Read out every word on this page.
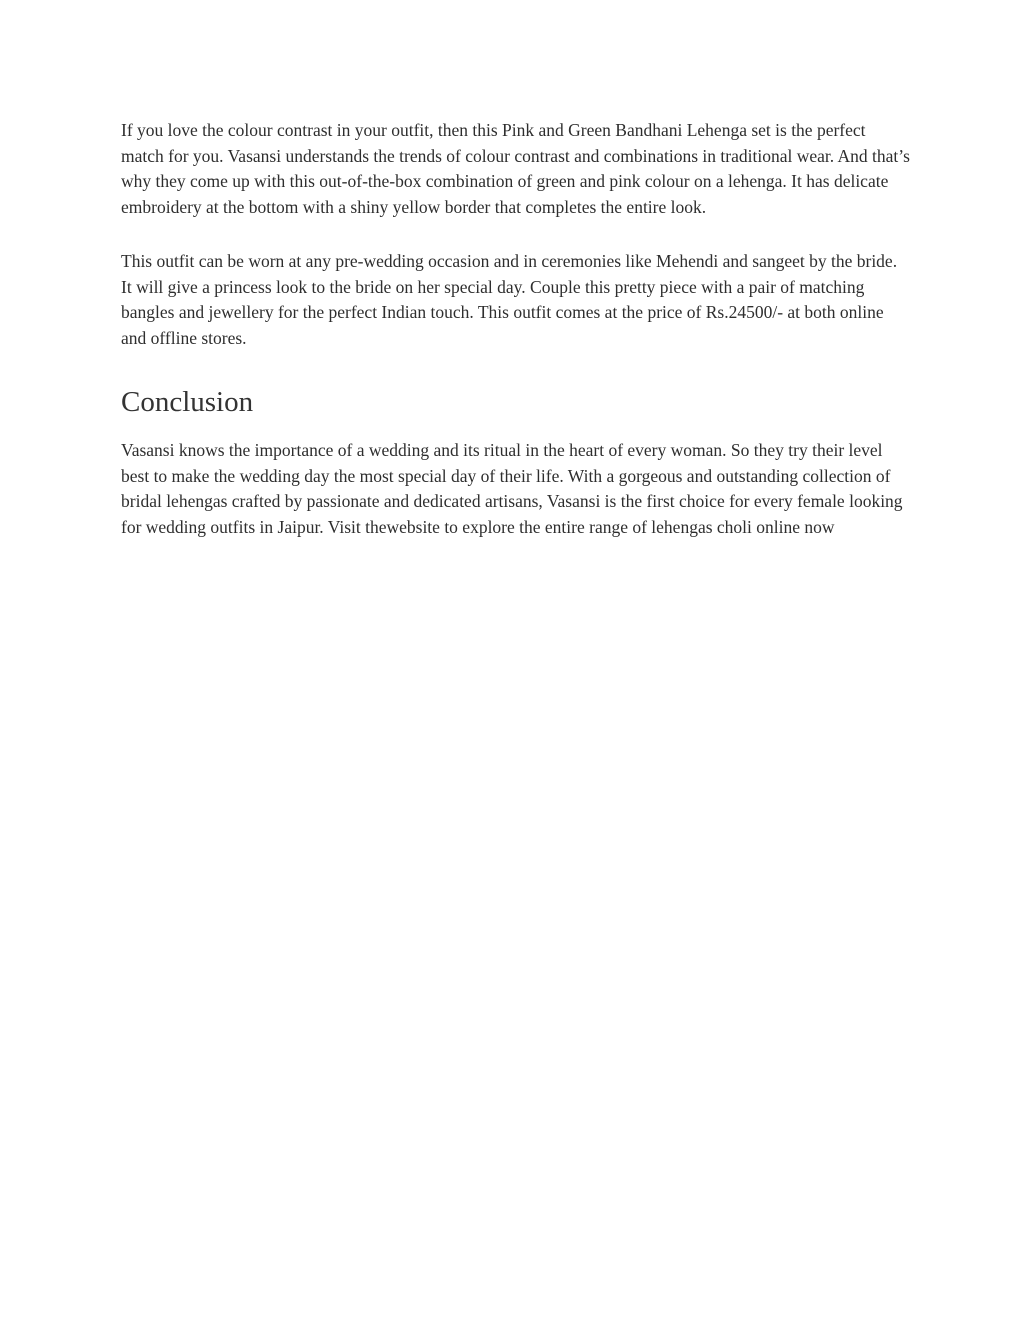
If you love the colour contrast in your outfit, then this Pink and Green Bandhani Lehenga set is the perfect match for you. Vasansi understands the trends of colour contrast and combinations in traditional wear. And that’s why they come up with this out-of-the-box combination of green and pink colour on a lehenga. It has delicate embroidery at the bottom with a shiny yellow border that completes the entire look.

This outfit can be worn at any pre-wedding occasion and in ceremonies like Mehendi and sangeet by the bride. It will give a princess look to the bride on her special day. Couple this pretty piece with a pair of matching bangles and jewellery for the perfect Indian touch. This outfit comes at the price of Rs.24500/- at both online and offline stores.

Conclusion

Vasansi knows the importance of a wedding and its ritual in the heart of every woman. So they try their level best to make the wedding day the most special day of their life. With a gorgeous and outstanding collection of bridal lehengas crafted by passionate and dedicated artisans, Vasansi is the first choice for every female looking for wedding outfits in Jaipur. Visit thewebsite to explore the entire range of lehengas choli online now
